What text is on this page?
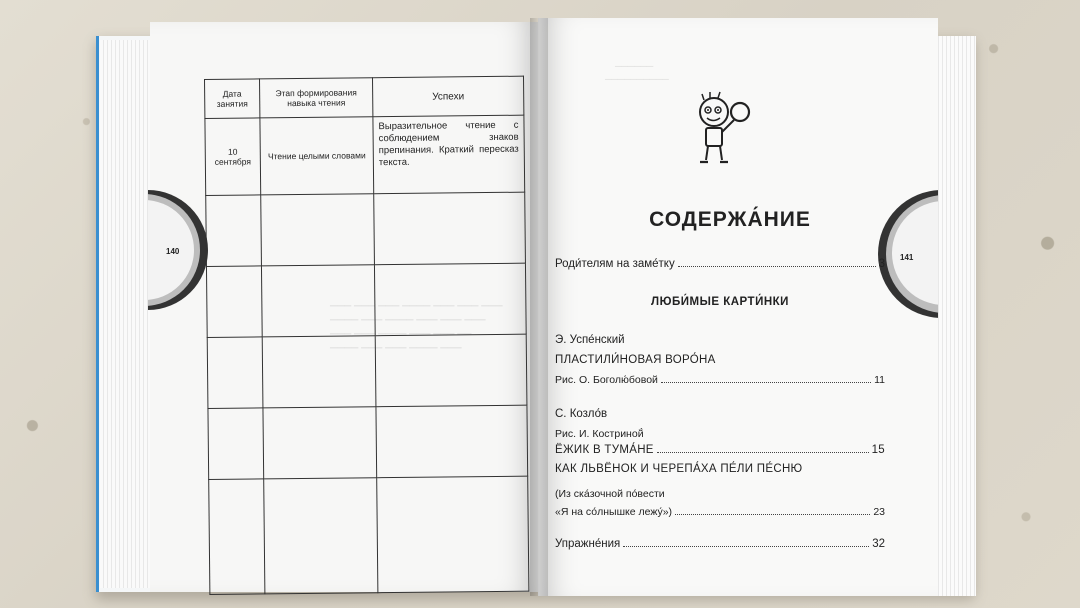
─── ─── ─── ──── ─── ─── ───
──── ─── ──── ─── ─── ───
─── ─── ──── ─── ─── ──
──── ─── ─── ──── ───
140
Дата занятия	Этап формирования навыка чтения	Успехи
10 сентября	Чтение целыми словами	Выразительное чтение с соблюдением знаков препинания. Краткий пересказ текста.

──────
──────────
141
СОДЕРЖА́НИЕ
Роди́телям на заме́тку	3
ЛЮБИ́МЫЕ КАРТИ́НКИ
Э. Успе́нский
ПЛАСТИЛИ́НОВАЯ ВОРО́НА
Рис. О. Боголю́бовой	11
С. Козло́в
Рис. И. Костриной́
ЁЖИК В ТУМА́НЕ	15
КАК ЛЬВЁНОК И ЧЕРЕПА́ХА ПЕ́ЛИ ПЕ́СНЮ
(Из ска́зочной по́вести
«Я на со́лнышке лежу́»)	23
Упражне́ния	32
